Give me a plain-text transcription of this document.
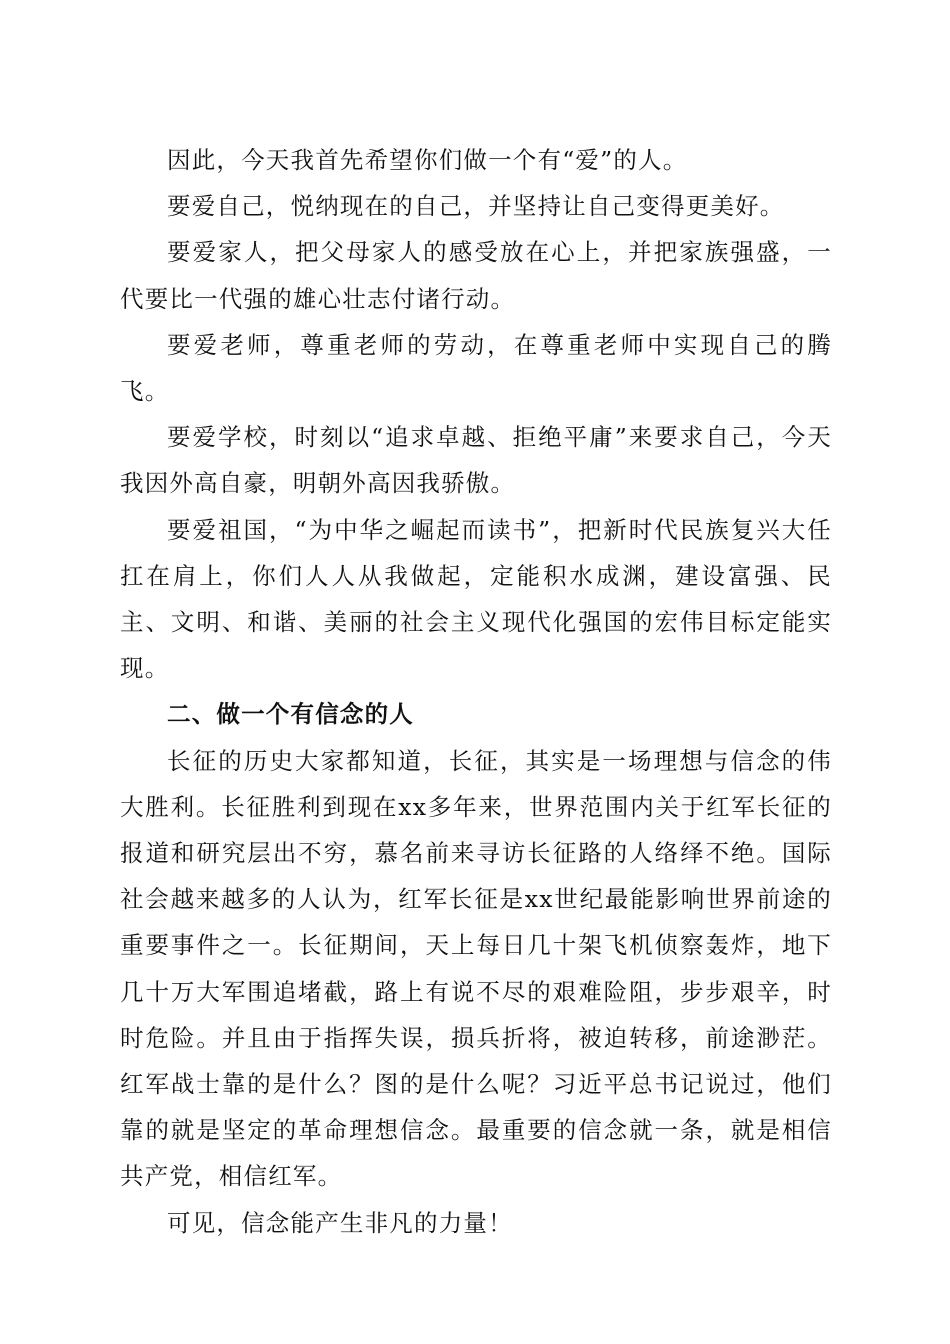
因此，今天我首先希望你们做一个有“爱”的人。

要爱自己，悦纳现在的自己，并坚持让自己变得更美好。

要爱家人，把父母家人的感受放在心上，并把家族强盛，一代要比一代强的雄心壮志付诸行动。

要爱老师，尊重老师的劳动，在尊重老师中实现自己的腾飞。

要爱学校，时刻以“追求卓越、拒绝平庸”来要求自己，今天我因外高自豪，明朝外高因我骄傲。

要爱祖国，“为中华之崛起而读书”，把新时代民族复兴大任扛在肩上，你们人人从我做起，定能积水成渊，建设富强、民主、文明、和谐、美丽的社会主义现代化强国的宏伟目标定能实现。

二、做一个有信念的人

长征的历史大家都知道，长征，其实是一场理想与信念的伟大胜利。长征胜利到现在xx多年来，世界范围内关于红军长征的报道和研究层出不穷，慕名前来寻访长征路的人络绎不绝。国际社会越来越多的人认为，红军长征是xx世纪最能影响世界前途的重要事件之一。长征期间，天上每日几十架飞机侦察轰炸，地下几十万大军围追堵截，路上有说不尽的艰难险阻，步步艰辛，时时危险。并且由于指挥失误，损兵折将，被迫转移，前途渺茫。红军战士靠的是什么？图的是什么呢？习近平总书记说过，他们靠的就是坚定的革命理想信念。最重要的信念就一条，就是相信共产党，相信红军。

可见，信念能产生非凡的力量！
